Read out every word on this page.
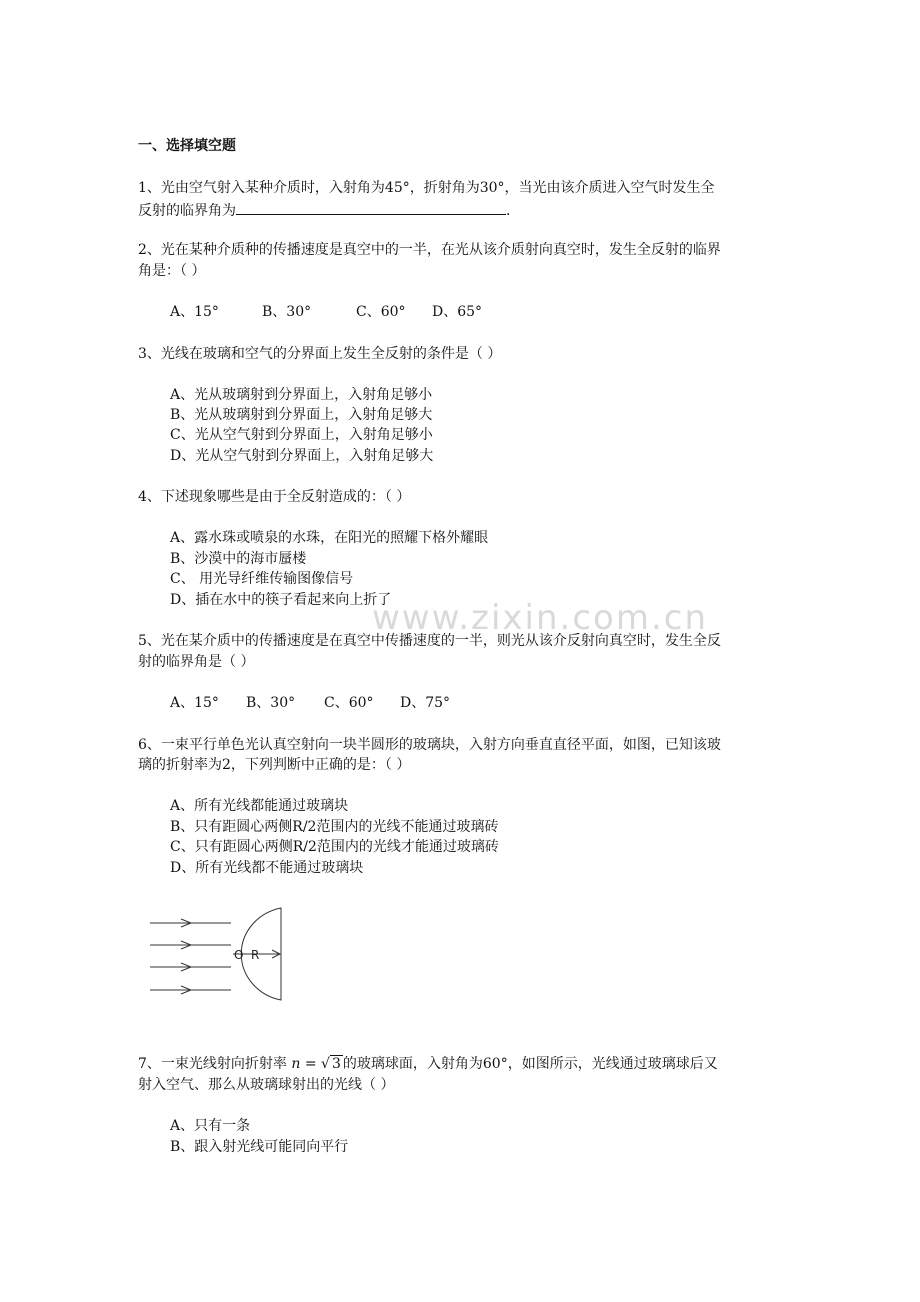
www.zixin.com.cn
一、选择填空题
1、光由空气射入某种介质时，入射角为45°，折射角为30°，当光由该介质进入空气时发生全
反射的临界角为	.
2、光在某种介质种的传播速度是真空中的一半，在光从该介质射向真空时，发生全反射的临界
角是：（ ）
A、15°	B、30°	C、60° D、65°
3、光线在玻璃和空气的分界面上发生全反射的条件是（ ）
A、光从玻璃射到分界面上，入射角足够小
B、光从玻璃射到分界面上，入射角足够大
C、光从空气射到分界面上，入射角足够小
D、光从空气射到分界面上，入射角足够大
4、下述现象哪些是由于全反射造成的：（ ）
A、露水珠或喷泉的水珠，在阳光的照耀下格外耀眼
B、沙漠中的海市蜃楼
C、 用光导纤维传输图像信号
D、插在水中的筷子看起来向上折了
5、光在某介质中的传播速度是在真空中传播速度的一半，则光从该介反射向真空时，发生全反
射的临界角是（ ）
A、15° B、30° C、60° D、75°
6、一束平行单色光认真空射向一块半圆形的玻璃块，入射方向垂直直径平面，如图，已知该玻
璃的折射率为2，下列判断中正确的是：（ ）
A、所有光线都能通过玻璃块
B、只有距圆心两侧R/2范围内的光线不能通过玻璃砖
C、只有距圆心两侧R/2范围内的光线才能通过玻璃砖
D、所有光线都不能通过玻璃块
O R
7、一束光线射向折射率 n = √ 3 的玻璃球面，入射角为60°，如图所示，光线通过玻璃球后又
射入空气、那么从玻璃球射出的光线（ ）
A、只有一条
B、跟入射光线可能同向平行
